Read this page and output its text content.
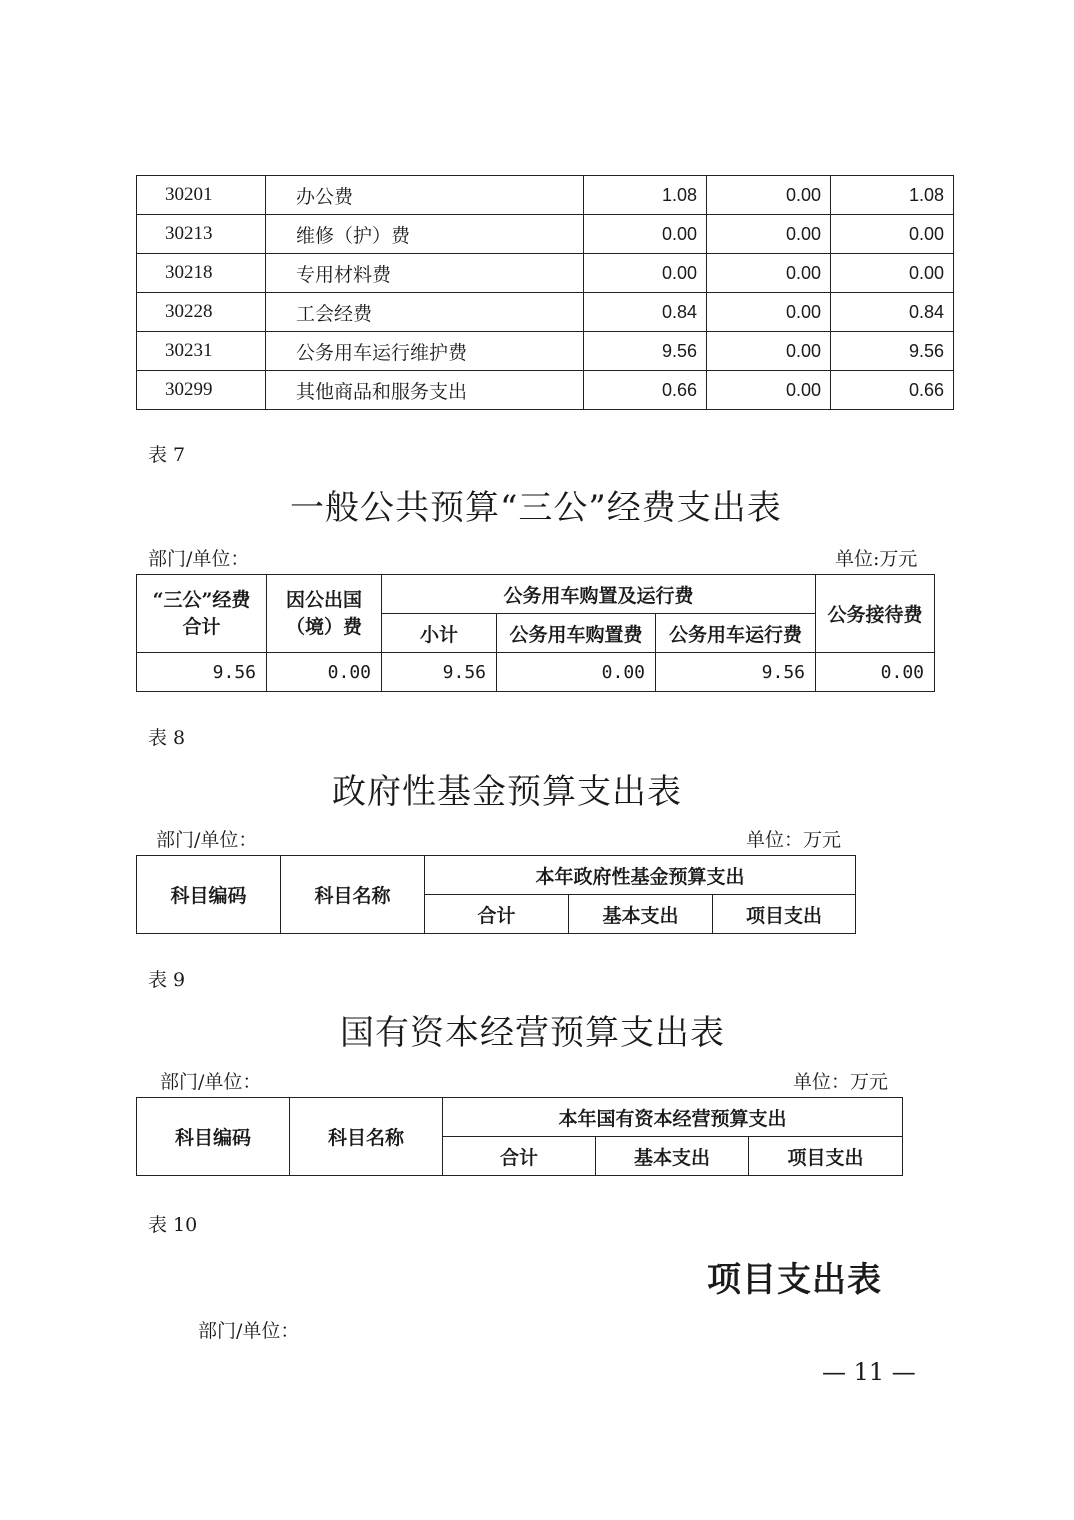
30201	办公费	1.08	0.00	1.08
30213	维修（护）费	0.00	0.00	0.00
30218	专用材料费	0.00	0.00	0.00
30228	工会经费	0.84	0.00	0.84
30231	公务用车运行维护费	9.56	0.00	9.56
30299	其他商品和服务支出	0.66	0.00	0.66
表 7
一般公共预算“三公”经费支出表
部门/单位：	单位:万元
“三公”经费合计	因公出国（境）费	公务用车购置及运行费			公务接待费
		小计	公务用车购置费	公务用车运行费	
9.56	0.00	9.56	0.00	9.56	0.00
表 8
政府性基金预算支出表
部门/单位：	单位：万元
科目编码	科目名称	本年政府性基金预算支出		
		合计	基本支出	项目支出
表 9
国有资本经营预算支出表
部门/单位：	单位：万元
科目编码	科目名称	本年国有资本经营预算支出		
		合计	基本支出	项目支出
表 10
项目支出表
部门/单位：
— 11 —
